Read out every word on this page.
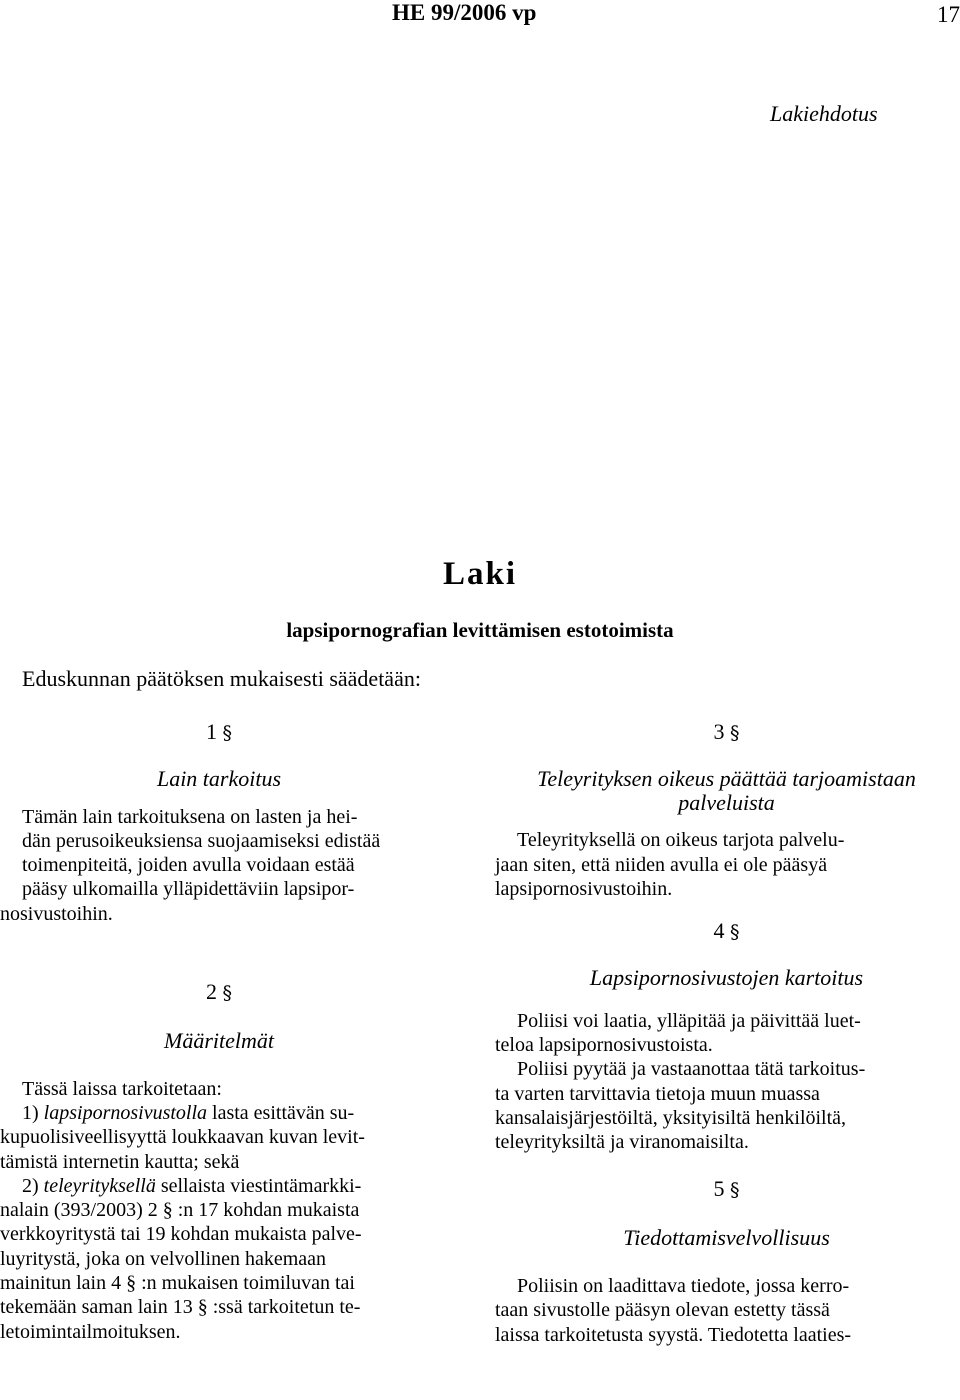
HE 99/2006 vp	17
Lakiehdotus
Laki
lapsipornografian levittämisen estotoimista
Eduskunnan päätöksen mukaisesti säädetään:
1 §
Lain tarkoitus
Tämän lain tarkoituksena on lasten ja hei-
dän perusoikeuksiensa suojaamiseksi edistää
toimenpiteitä, joiden avulla voidaan estää
pääsy ulkomailla ylläpidettäviin lapsipor-
nosivustoihin.
2 §
Määritelmät
Tässä laissa tarkoitetaan:
1) lapsipornosivustolla lasta esittävän su-
kupuolisiveellisyyttä loukkaavan kuvan levit-
tämistä internetin kautta; sekä
2) teleyrityksellä sellaista viestintämarkki-
nalain (393/2003) 2 § :n 17 kohdan mukaista
verkkoyritystä tai 19 kohdan mukaista palve-
luyritystä, joka on velvollinen hakemaan
mainitun lain 4 § :n mukaisen toimiluvan tai
tekemään saman lain 13 § :ssä tarkoitetun te-
letoimintailmoituksen.
3 §
Teleyrityksen oikeus päättää tarjoamistaan
palveluista
Teleyrityksellä on oikeus tarjota palvelu-
jaan siten, että niiden avulla ei ole pääsyä
lapsipornosivustoihin.
4 §
Lapsipornosivustojen kartoitus
Poliisi voi laatia, ylläpitää ja päivittää luet-
teloa lapsipornosivustoista.
Poliisi pyytää ja vastaanottaa tätä tarkoitus-
ta varten tarvittavia tietoja muun muassa
kansalaisjärjestöiltä, yksityisiltä henkilöiltä,
teleyrityksiltä ja viranomaisilta.
5 §
Tiedottamisvelvollisuus
Poliisin on laadittava tiedote, jossa kerro-
taan sivustolle pääsyn olevan estetty tässä
laissa tarkoitetusta syystä. Tiedotetta laaties-
